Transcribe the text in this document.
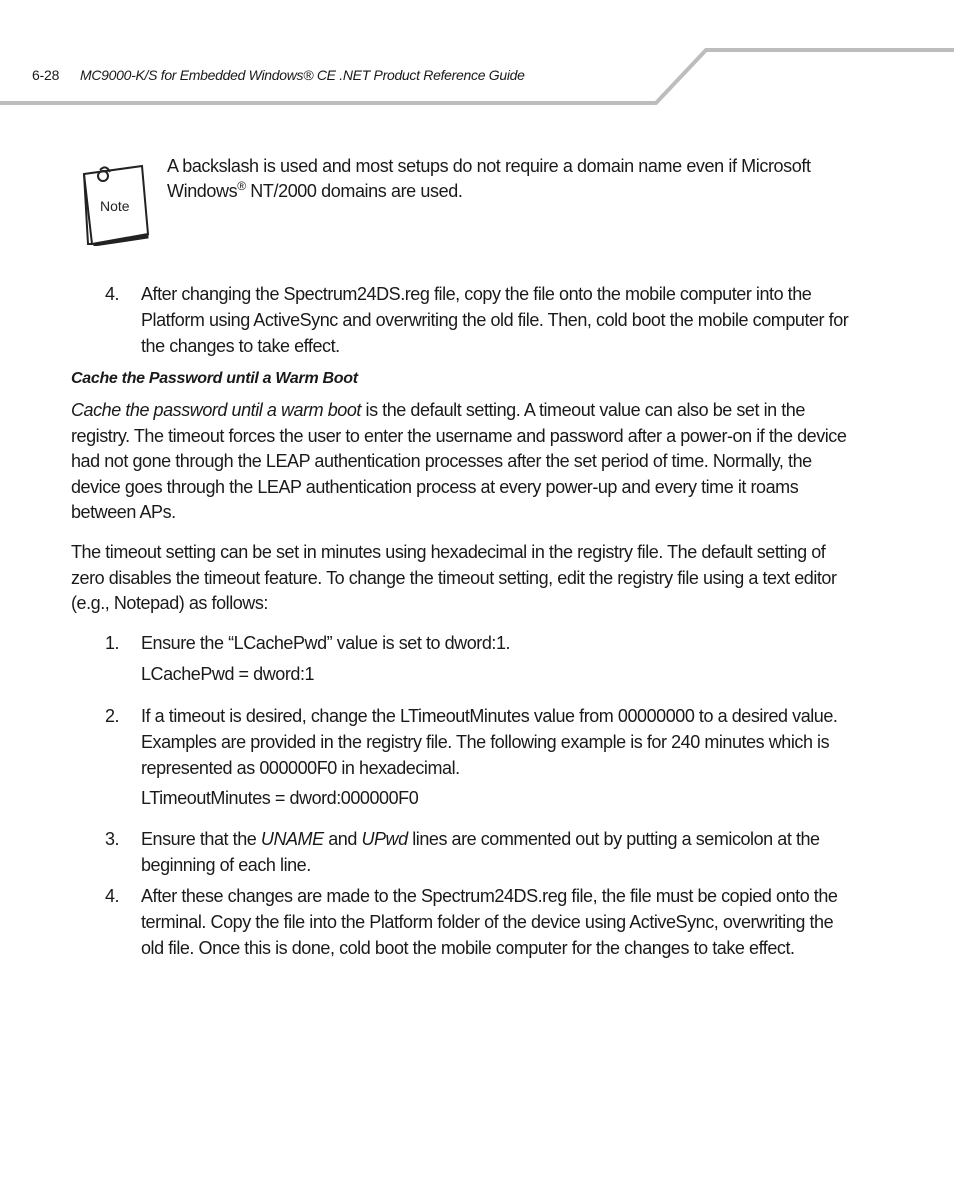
6-28 MC9000-K/S for Embedded Windows® CE .NET Product Reference Guide
Note
A backslash is used and most setups do not require a domain name even if Microsoft Windows® NT/2000 domains are used.
4.	After changing the Spectrum24DS.reg file, copy the file onto the mobile computer into the Platform using ActiveSync and overwriting the old file. Then, cold boot the mobile computer for the changes to take effect.
Cache the Password until a Warm Boot
Cache the password until a warm boot is the default setting. A timeout value can also be set in the registry. The timeout forces the user to enter the username and password after a power-on if the device had not gone through the LEAP authentication processes after the set period of time. Normally, the device goes through the LEAP authentication process at every power-up and every time it roams between APs.
The timeout setting can be set in minutes using hexadecimal in the registry file. The default setting of zero disables the timeout feature. To change the timeout setting, edit the registry file using a text editor (e.g., Notepad) as follows:
1.	Ensure the “LCachePwd” value is set to dword:1.
LCachePwd = dword:1
2.	If a timeout is desired, change the LTimeoutMinutes value from 00000000 to a desired value. Examples are provided in the registry file. The following example is for 240 minutes which is represented as 000000F0 in hexadecimal.
LTimeoutMinutes = dword:000000F0
3.	Ensure that the UNAME and UPwd lines are commented out by putting a semicolon at the beginning of each line.
4.	After these changes are made to the Spectrum24DS.reg file, the file must be copied onto the terminal. Copy the file into the Platform folder of the device using ActiveSync, overwriting the old file. Once this is done, cold boot the mobile computer for the changes to take effect.
